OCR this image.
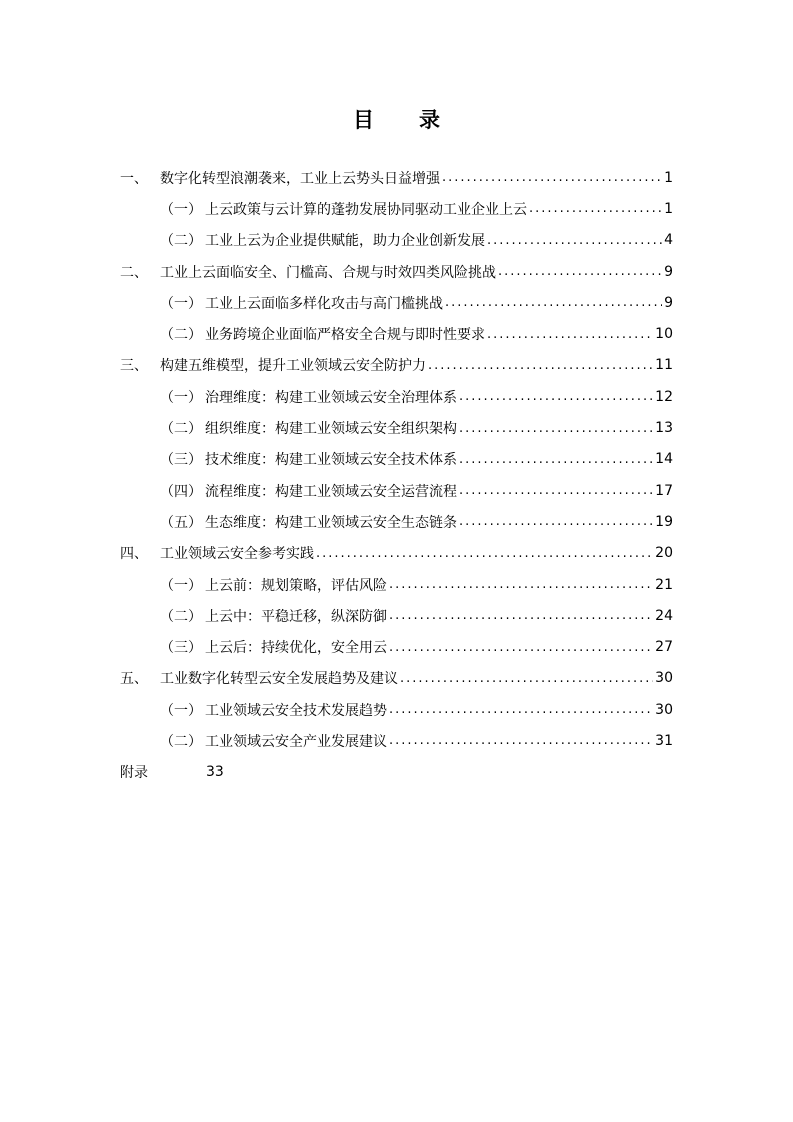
目　录
一、 数字化转型浪潮袭来，工业上云势头日益增强 .....	1
（一） 上云政策与云计算的蓬勃发展协同驱动工业企业上云 .....	1
（二） 工业上云为企业提供赋能，助力企业创新发展 .....	4
二、 工业上云面临安全、门槛高、合规与时效四类风险挑战 .....	9
（一） 工业上云面临多样化攻击与高门槛挑战 .....	9
（二） 业务跨境企业面临严格安全合规与即时性要求 .....	10
三、 构建五维模型，提升工业领域云安全防护力 .....	11
（一） 治理维度：构建工业领域云安全治理体系 .....	12
（二） 组织维度：构建工业领域云安全组织架构 .....	13
（三） 技术维度：构建工业领域云安全技术体系 .....	14
（四） 流程维度：构建工业领域云安全运营流程 .....	17
（五） 生态维度：构建工业领域云安全生态链条 .....	19
四、 工业领域云安全参考实践 .....	20
（一） 上云前：规划策略，评估风险 .....	21
（二） 上云中：平稳迁移，纵深防御 .....	24
（三） 上云后：持续优化，安全用云 .....	27
五、 工业数字化转型云安全发展趋势及建议 .....	30
（一） 工业领域云安全技术发展趋势 .....	30
（二） 工业领域云安全产业发展建议 .....	31
附录	33
